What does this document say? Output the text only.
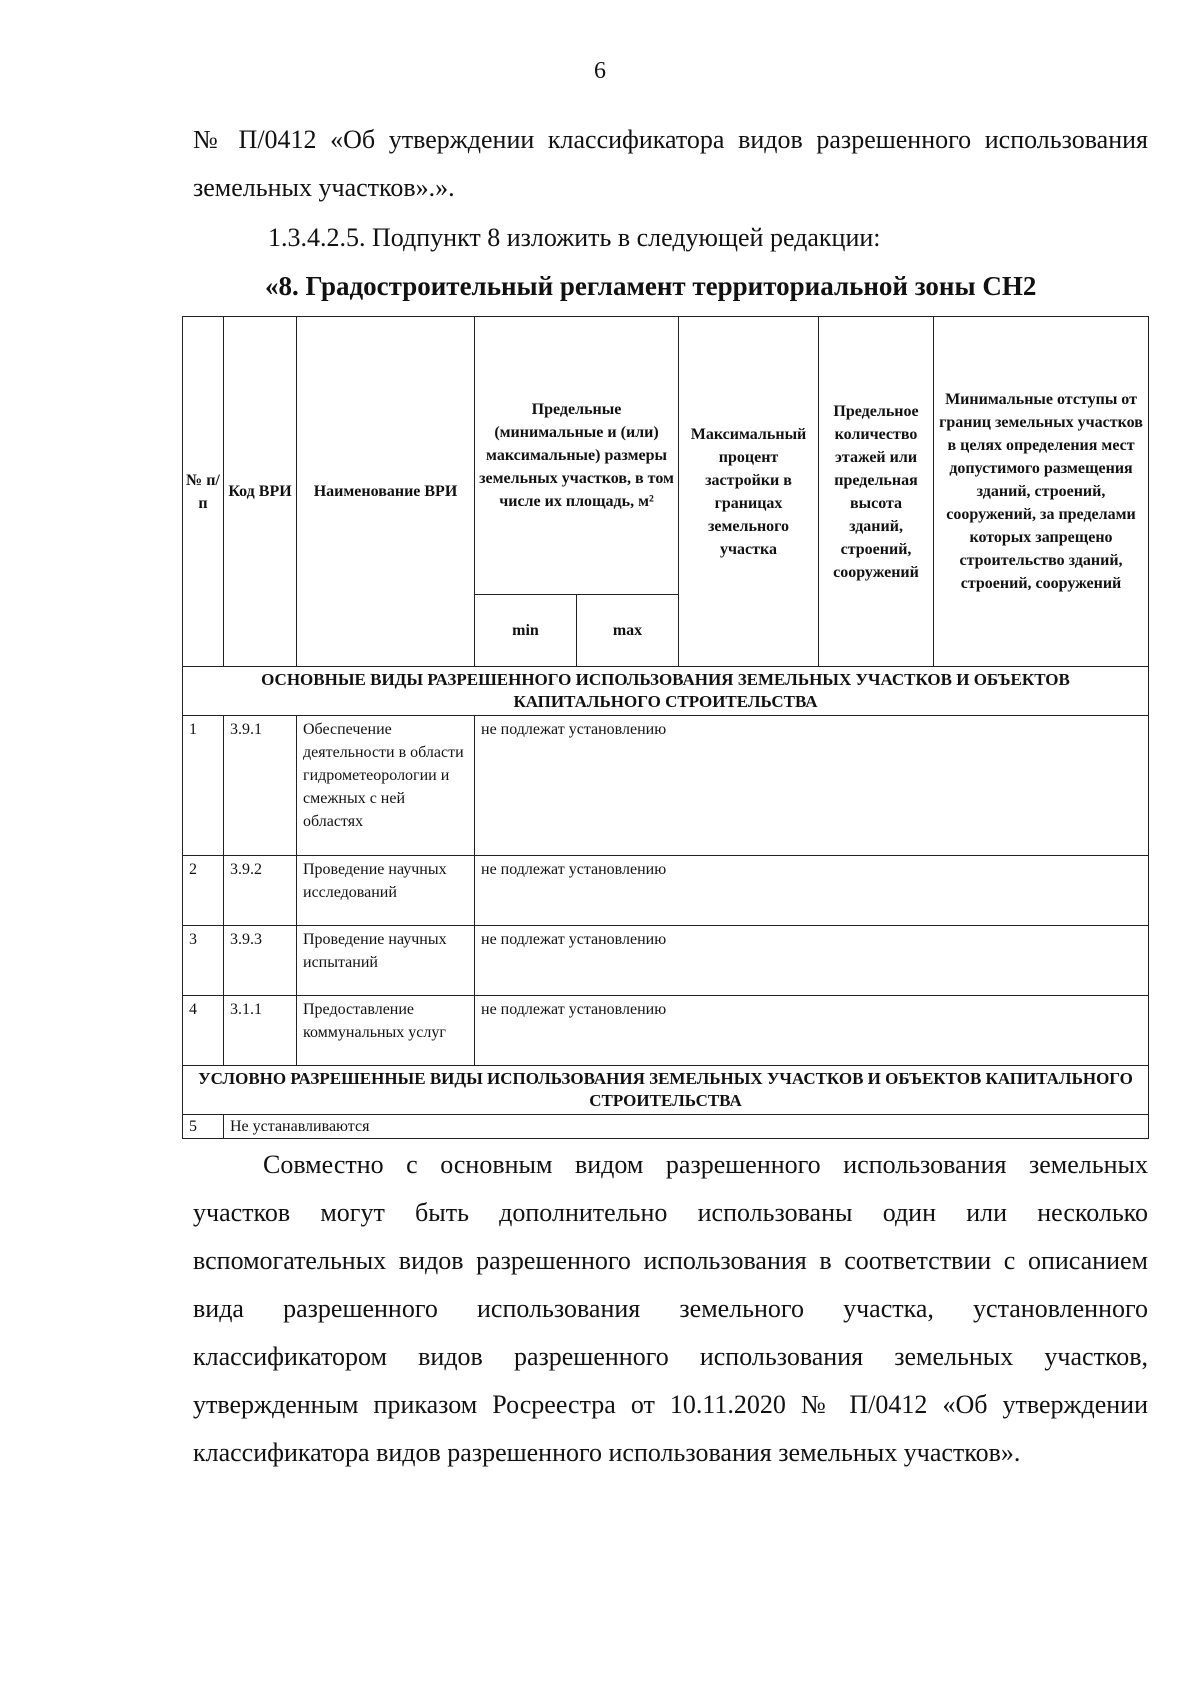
6

№ П/0412 «Об утверждении классификатора видов разрешенного использования земельных участков».».

1.3.4.2.5. Подпункт 8 изложить в следующей редакции:
«8. Градостроительный регламент территориальной зоны СН2
№ п/п	Код ВРИ	Наименование ВРИ	Предельные (минимальные и (или) максимальные) размеры земельных участков, в том числе их площадь, м²		Максимальный процент застройки в границах земельного участка	Предельное количество этажей или предельная высота зданий, строений, сооружений	Минимальные отступы от границ земельных участков в целях определения мест допустимого размещения зданий, строений, сооружений, за пределами которых запрещено строительство зданий, строений, сооружений
			min	max			
ОСНОВНЫЕ ВИДЫ РАЗРЕШЕННОГО ИСПОЛЬЗОВАНИЯ ЗЕМЕЛЬНЫХ УЧАСТКОВ И ОБЪЕКТОВ КАПИТАЛЬНОГО СТРОИТЕЛЬСТВА							
1	3.9.1	Обеспечение деятельности в области гидрометеорологии и смежных с ней областях	не подлежат установлению				
2	3.9.2	Проведение научных исследований	не подлежат установлению				
3	3.9.3	Проведение научных испытаний	не подлежат установлению				
4	3.1.1	Предоставление коммунальных услуг	не подлежат установлению				
УСЛОВНО РАЗРЕШЕННЫЕ ВИДЫ ИСПОЛЬЗОВАНИЯ ЗЕМЕЛЬНЫХ УЧАСТКОВ И ОБЪЕКТОВ КАПИТАЛЬНОГО СТРОИТЕЛЬСТВА							
5	Не устанавливаются						

Совместно с основным видом разрешенного использования земельных участков могут быть дополнительно использованы один или несколько вспомогательных видов разрешенного использования в соответствии с описанием вида разрешенного использования земельного участка, установленного классификатором видов разрешенного использования земельных участков, утвержденным приказом Росреестра от 10.11.2020 № П/0412 «Об утверждении классификатора видов разрешенного использования земельных участков».
